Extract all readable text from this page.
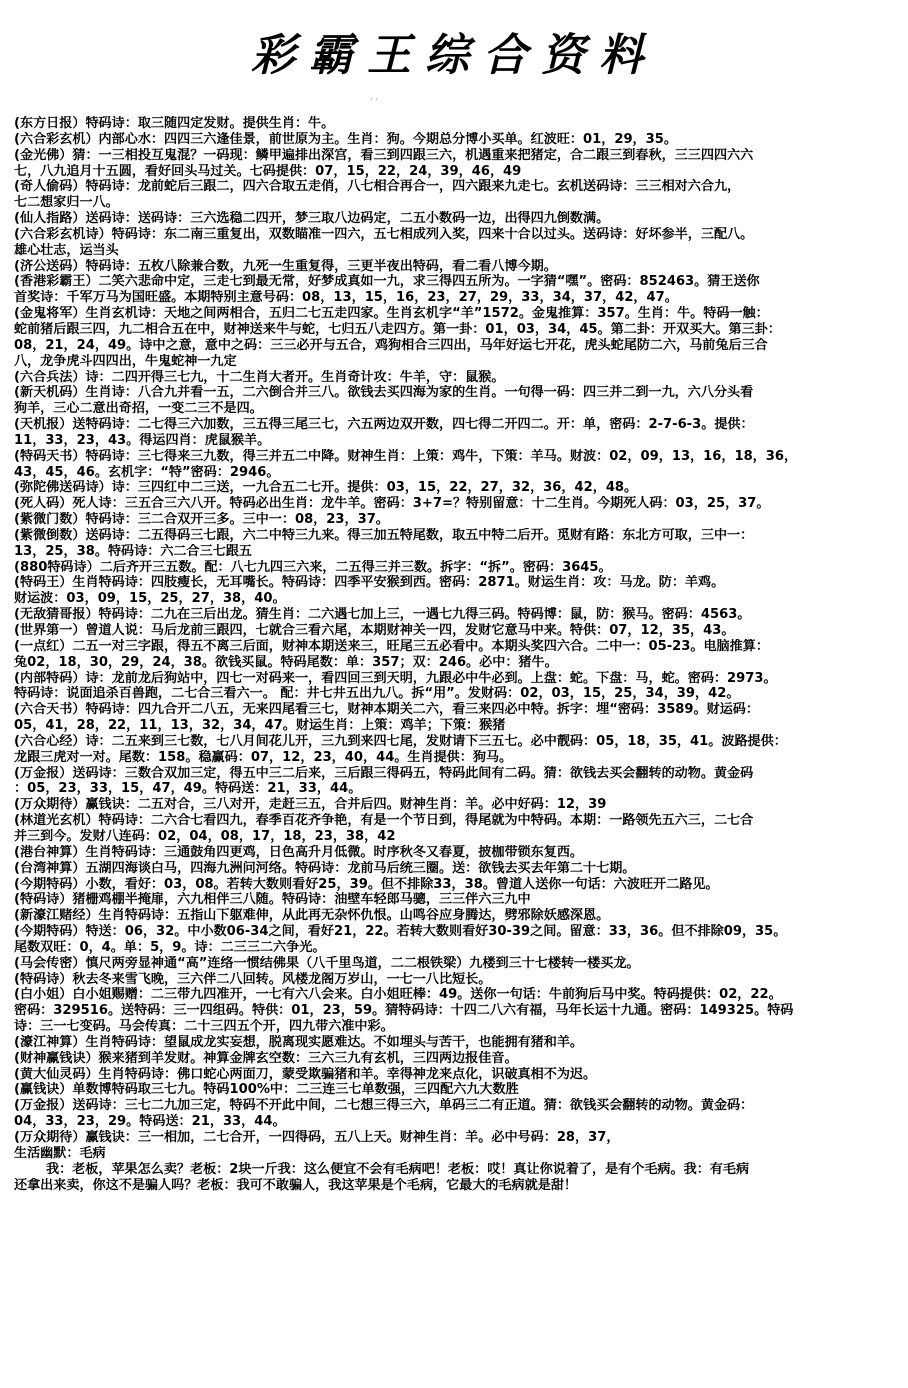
彩霸王综合资料
· ·
(东方日报）特码诗：取三随四定发财。提供生肖：牛。
(六合彩玄机）内部心水：四四三六逢佳景，前世原为主。生肖：狗。今期总分博小买单。红波旺：01，29，35。
(金光佛）猜：一三相投互鬼混？一码现：鳞甲遍排出深宫，看三到四跟三六，机遇重来把猪定，合二跟三到春秋，三三四四六六
七，八九追月十五圆，看好回头马过关。七码提供：07，15，22，24，39，46，49
(奇人偷码）特码诗：龙前蛇后三跟二，四六合取五走俏，八七相合再合一，四六跟来九走七。玄机送码诗：三三相对六合九，
七二想家归一八。
(仙人指路）送码诗：送码诗：三六选稳二四开，梦三取八边码定，二五小数码一边，出得四九倒数满。
(六合彩玄机诗）特码诗：东二南三重复出，双数瞄准一四六，五七相成列入奖，四来十合以过头。送码诗：好坏参半，三配八。
雄心壮志，运当头
(济公送码）特码诗：五枚八除兼合数，九死一生重复得，三更半夜出特码，看二看八博今期。
(香港彩霸王）二笑六悲命中定，三走七到最无常，好梦成真如一九，求三得四五所为。一字猜“嘿”。密码：852463。猜王送你
首奖诗：千军万马为国旺盛。本期特别主意号码：08，13，15，16，23，27，29，33，34，37，42，47。
(金鬼将军）生肖玄机诗：天地之间两相合，五归二七五走四家。生肖玄机字“羊”1572。金鬼推算：357。生肖：牛。特码一触：
蛇前猪后跟三四，九二相合五在中，财神送来牛与蛇，七归五八走四方。第一卦：01，03，34，45。第二卦：开双买大。第三卦：
08，21，24，49。诗中之意，意中之码：三三必开与五合，鸡狗相合三四出，马年好运七开花，虎头蛇尾防二六，马前兔后三合
八，龙争虎斗四四出，牛鬼蛇神一九定
(六合兵法）诗：二四开得三七九，十二生肖大者开。生肖奇计攻：牛羊，守：鼠猴。
(新天机码）生肖诗：八合九并看一五，二六倒合并三八。欲钱去买四海为家的生肖。一句得一码：四三并二到一九，六八分头看
狗羊，三心二意出奇招，一变二三不是四。
(天机报）送特码诗：二七得三六加数，三五得三尾三七，六五两边双开数，四七得二开四二。开：单，密码：2-7-6-3。提供：
11，33，23，43。得运四肖：虎鼠猴羊。
(特码天书）特码诗：三七得来三九数，得三并五二中降。财神生肖：上策：鸡牛，下策：羊马。财波：02，09，13，16，18，36，
43，45，46。玄机字：“特”密码：2946。
(弥陀佛送码诗）诗：三四红中二三送，一九合五二七开。提供：03，15，22，27，32，36，42，48。
(死人码）死人诗：三五合三六八开。特码必出生肖：龙牛羊。密码：3+7=？特别留意：十二生肖。今期死人码：03，25，37。
(紫微门数）特码诗：三二合双开三多。三中一：08，23，37。
(紫微倒数）送码诗：二五得码三七跟，六二中特三九来。得三加五特尾数，取五中特二后开。觅财有路：东北方可取，三中一：
13，25，38。特码诗：六二合三七跟五
(880特码诗）二后齐开三五数。配：八七九四三六来，二五得三并三数。拆字：“拆”。密码：3645。
(特码王）生肖特码诗：四肢瘦长，无耳嘴长。特码诗：四季平安猴到西。密码：2871。财运生肖：攻：马龙。防：羊鸡。
财运波：03，09，15，25，27，38，40。
(无敌猜哥报）特码诗：二九在三后出龙。猜生肖：二六遇七加上三，一遇七九得三码。特码博：鼠，防：猴马。密码：4563。
(世界第一）曾道人说：马后龙前三跟四，七就合三看六尾，本期财神关一四，发财它意马中来。特供：07，12，35，43。
(一点红）二五一对三字跟，得五不离三后面，财神本期送来三，旺尾三五必看中。本期头奖四六合。二中一：05-23。电脑推算：
兔02，18，30，29，24，38。欲钱买鼠。特码尾数：单：357；双：246。必中：猪牛。
(内部特码）诗：龙前龙后狗站中，四七一对码来一，看四回三到天明，九跟必中牛必到。上盘：蛇。下盘：马，蛇。密码：2973。
特码诗：说面追杀百兽跑，二七合三看六一。 配：井七井五出九八。拆“用”。发财码：02，03，15，25，34，39，42。
(六合天书）特码诗：四九合开二八五，无来四尾看三七，财神本期关二六，看三来四必中特。拆字：埋“密码：3589。财运码：
05，41，28，22，11，13，32，34，47。财运生肖：上策：鸡羊；下策：猴猪
(六合心经）诗：二五来到三七数，七八月间花儿开，三九到来四七尾，发财请下三五七。必中靓码：05，18，35，41。波路提供：
龙跟三虎对一对。尾数：158。稳赢码：07，12，23，40，44。生肖提供：狗马。
(万金报）送码诗：三数合双加三定，得五中三二后来，三后跟三得码五，特码此间有二码。猜：欲钱去买会翻转的动物。黄金码
：05，23，33，15，47，49。特码送：21，33，44。
(万众期待）赢钱诀：二五对合，三八对开，走赶三五，合并后四。财神生肖：羊。必中好码：12，39
(林道光玄机）特码诗：二六合七看四九，春季百花齐争艳，有是一个节日到，得尾就为中特码。本期：一路领先五六三，二七合
并三到今。发财八连码：02，04，08，17，18，23，38，42
(港台神算）生肖特码诗：三通鼓角四更鸡，日色高升月低微。时序秋冬又春夏，披枷带锁东复西。
(台湾神算）五湖四海谈白马，四海九洲问河络。特码诗：龙前马后统三圈。送：欲钱去买去年第二十七期。
(今期特码）小数，看好：03，08。若转大数则看好25，39。但不排除33，38。曾道人送你一句话：六波旺开二路见。
(特码诗）猪栅鸡棚半掩扉，六九相伴三八随。特码诗：油壁车轻郎马骢，三三伴六三九中
(新濠江赌经）生肖特码诗：五指山下躯难伸，从此再无杂怀仇恨。山鸣谷应身腾达，劈邪除妖感深恩。
(今期特码）特送：06，32。中小数06-34之间，看好21，22。若转大数则看好30-39之间。留意：33，36。但不排除09，35。
尾数双旺：0，4。单：5，9。诗：二三三二六争光。
(马会传密）慎尺两旁显神通“高”连络一惯结佛果（八千里鸟道，二二根铁梁）九楼到三十七楼转一楼买龙。
(特码诗）秋去冬来雪飞晚，三六伴二八回转。风楼龙阁万岁山，一七一八比短长。
(白小姐）白小姐赐赠：二三带九四准开，一七有六八会来。白小姐旺棒：49。送你一句话：牛前狗后马中奖。特码提供：02，22。
密码：329516。送特码：三一四组码。特供：01，23，59。猜特码诗：十四二八六有福，马年长运十九通。密码：149325。特码
诗：三一七变码。马会传真：二十三四五个开，四九带六准中彩。
(濠江神算）生肖特码诗：望鼠成龙实妄想，脱离现实愿难达。不如埋头与苦干，也能拥有猪和羊。
(财神赢钱诀）猴来猪到羊发财。神算金牌玄空数：三六三九有玄机，三四两边报佳音。
(黄大仙灵码）生肖特码诗：佛口蛇心两面刀，蒙受欺骗猪和羊。幸得神龙来点化，识破真相不为迟。
(赢钱诀）单数博特码取三七九。特码100%中：二三连三七单数强，三四配六九大数胜
(万金报）送码诗：三七二九加三定，特码不开此中间，二七想三得三六，单码三二有正道。猜：欲钱买会翻转的动物。黄金码：
04，33，23，29。特码送：21，33，44。
(万众期待）赢钱诀：三一相加，二七合开，一四得码，五八上天。财神生肖：羊。必中号码：28，37，
生活幽默：毛病
我：老板，苹果怎么卖？老板：2块一斤我：这么便宜不会有毛病吧！老板：哎！真让你说着了，是有个毛病。我：有毛病
还拿出来卖，你这不是骗人吗？老板：我可不敢骗人，我这苹果是个毛病，它最大的毛病就是甜！
